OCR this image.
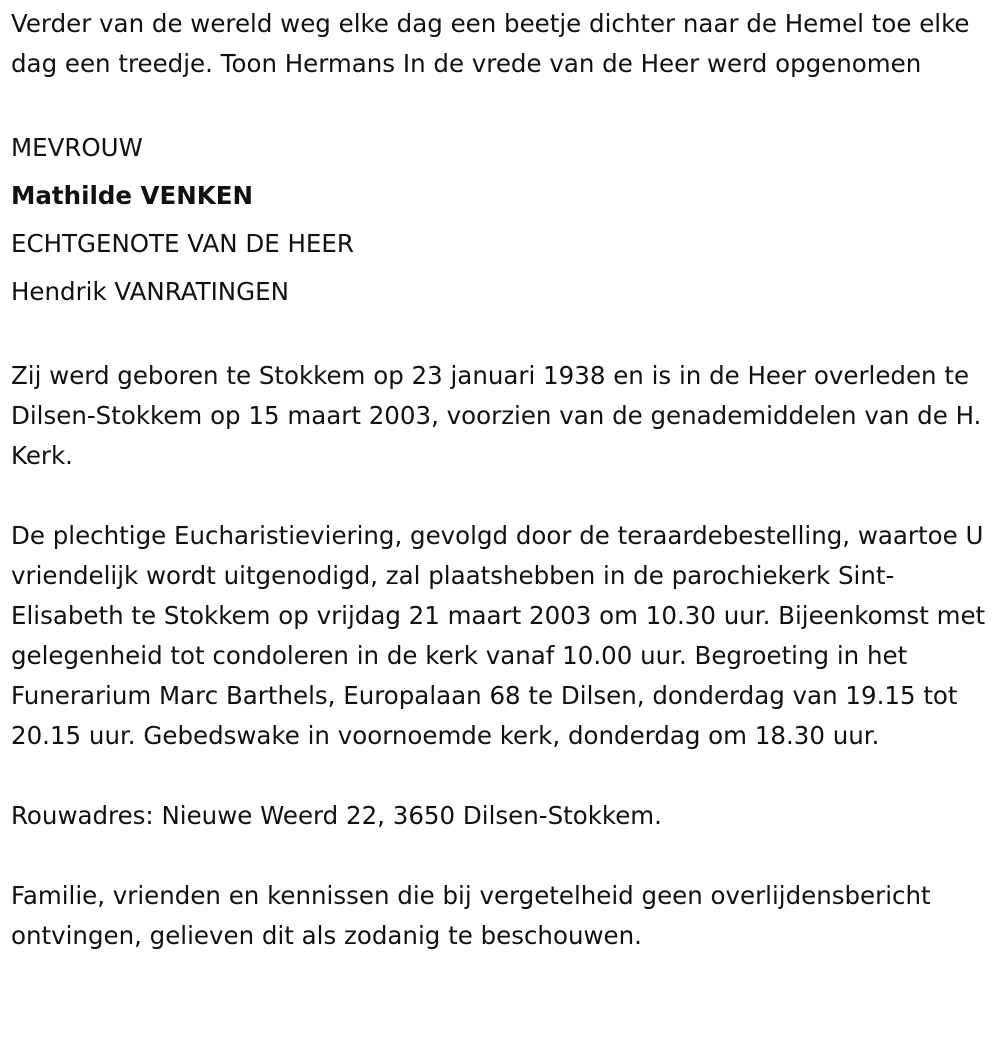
Verder van de wereld weg elke dag een beetje dichter naar de Hemel toe elke dag een treedje. Toon Hermans In de vrede van de Heer werd opgenomen
MEVROUW
Mathilde VENKEN
ECHTGENOTE VAN DE HEER
Hendrik VANRATINGEN
Zij werd geboren te Stokkem op 23 januari 1938 en is in de Heer overleden te Dilsen-Stokkem op 15 maart 2003, voorzien van de genademiddelen van de H. Kerk.
De plechtige Eucharistieviering, gevolgd door de teraardebestelling, waartoe U vriendelijk wordt uitgenodigd, zal plaatshebben in de parochiekerk Sint-Elisabeth te Stokkem op vrijdag 21 maart 2003 om 10.30 uur. Bijeenkomst met gelegenheid tot condoleren in de kerk vanaf 10.00 uur. Begroeting in het Funerarium Marc Barthels, Europalaan 68 te Dilsen, donderdag van 19.15 tot 20.15 uur. Gebedswake in voornoemde kerk, donderdag om 18.30 uur.
Rouwadres: Nieuwe Weerd 22, 3650 Dilsen-Stokkem.
Familie, vrienden en kennissen die bij vergetelheid geen overlijdensbericht ontvingen, gelieven dit als zodanig te beschouwen.
